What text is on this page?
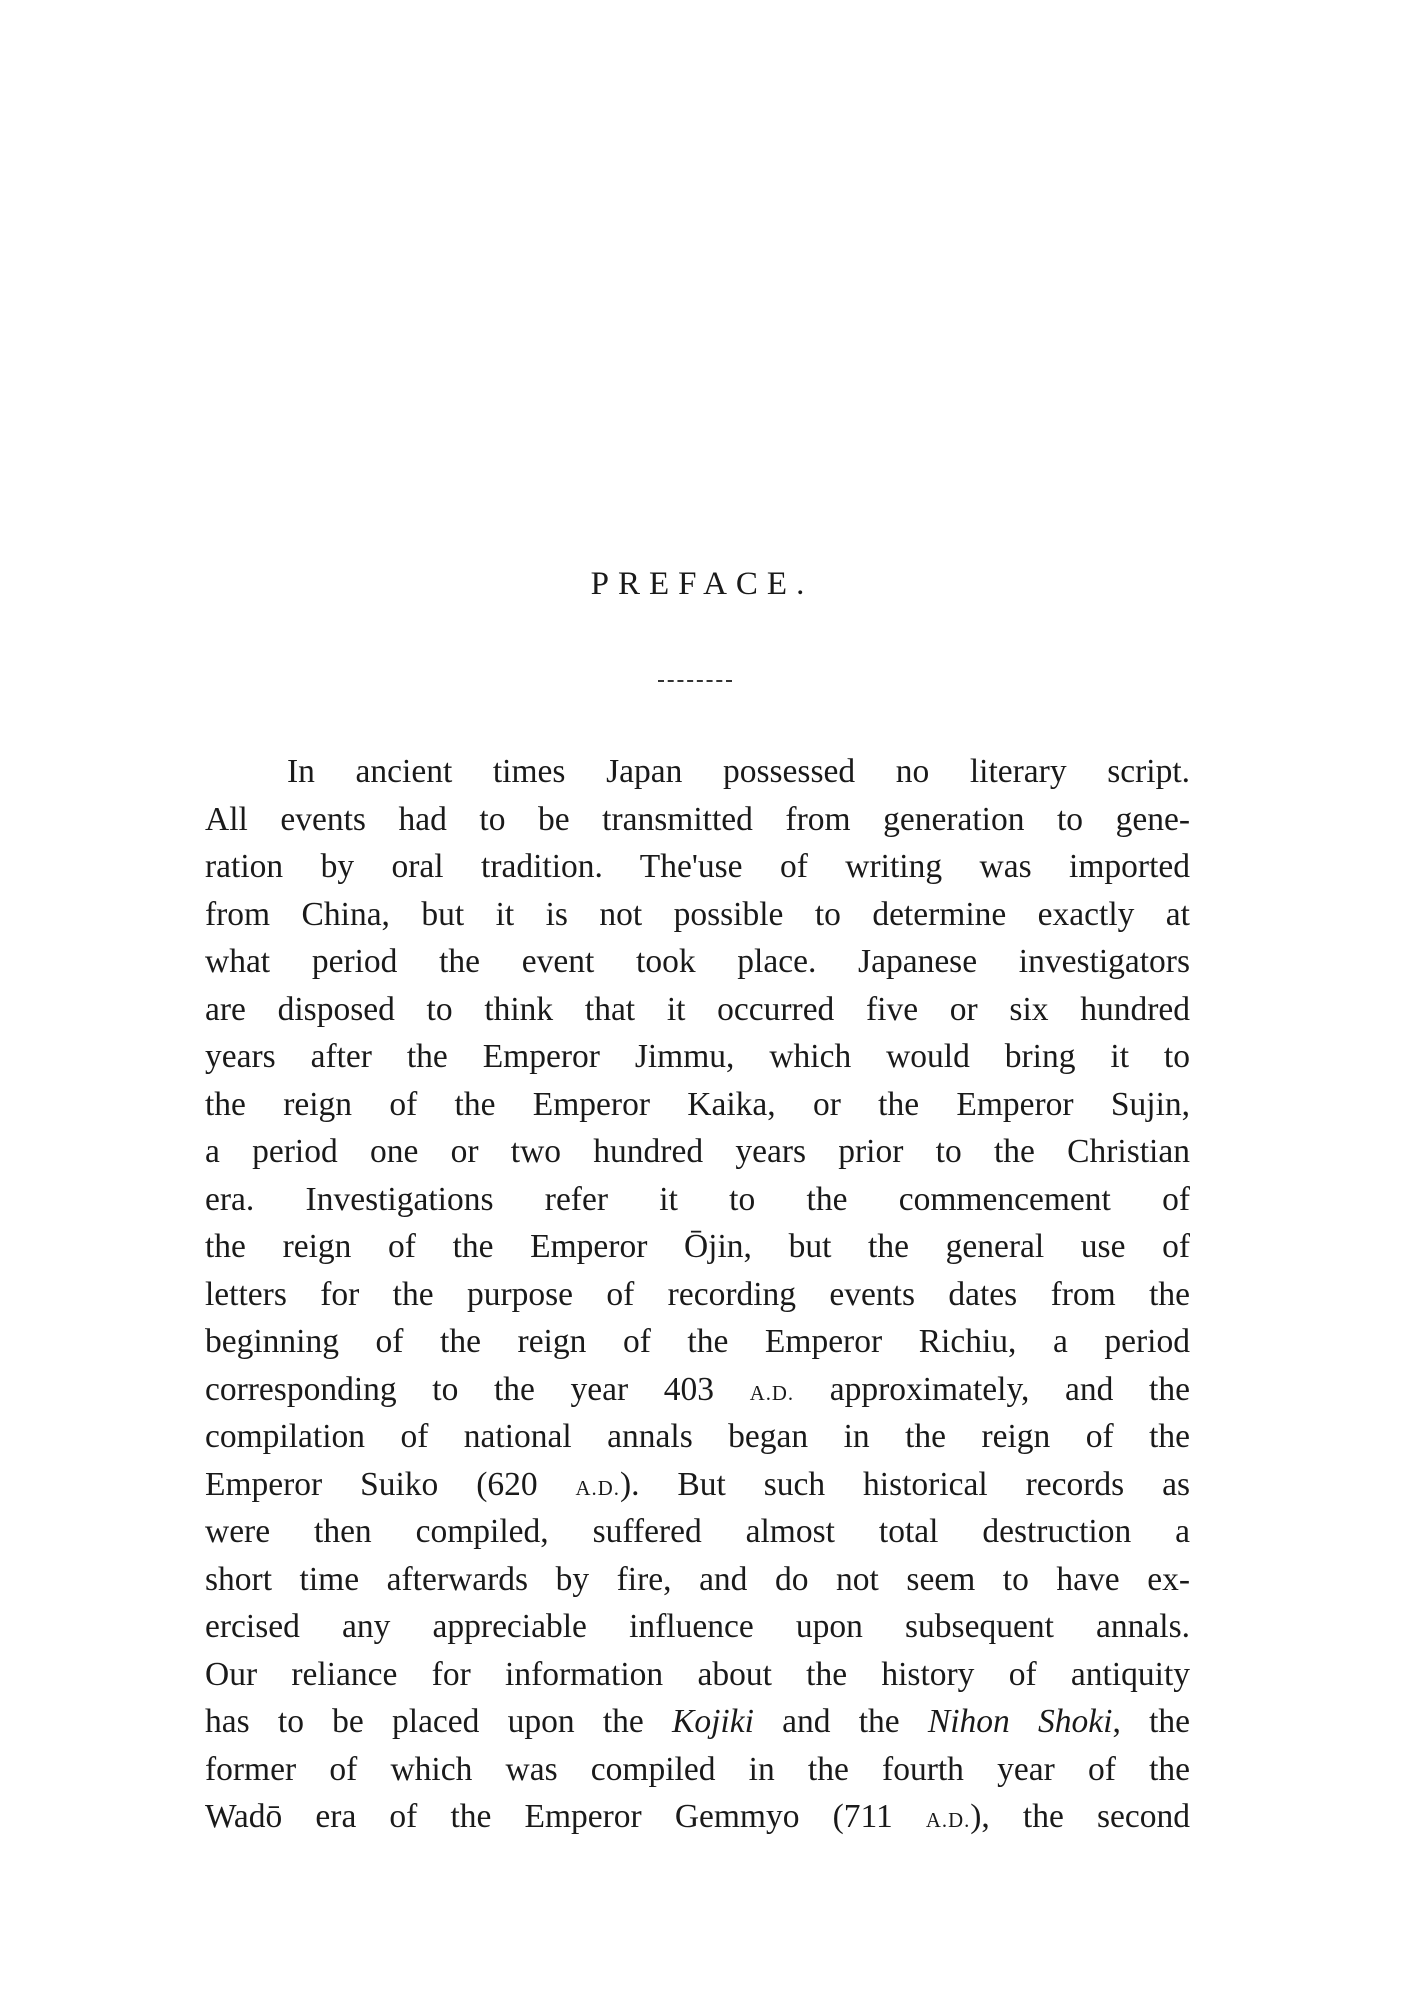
PREFACE.
In ancient times Japan possessed no literary script.
All events had to be transmitted from generation to gene-
ration by oral tradition. The'use of writing was imported
from China, but it is not possible to determine exactly at
what period the event took place. Japanese investigators
are disposed to think that it occurred five or six hundred
years after the Emperor Jimmu, which would bring it to
the reign of the Emperor Kaika, or the Emperor Sujin,
a period one or two hundred years prior to the Christian
era. Investigations refer it to the commencement of
the reign of the Emperor Ōjin, but the general use of
letters for the purpose of recording events dates from the
beginning of the reign of the Emperor Richiu, a period
corresponding to the year 403 A.D. approximately, and the
compilation of national annals began in the reign of the
Emperor Suiko (620 A.D.). But such historical records as
were then compiled, suffered almost total destruction a
short time afterwards by fire, and do not seem to have ex-
ercised any appreciable influence upon subsequent annals.
Our reliance for information about the history of antiquity
has to be placed upon the Kojiki and the Nihon Shoki, the
former of which was compiled in the fourth year of the
Wadō era of the Emperor Gemmyo (711 A.D.), the second
